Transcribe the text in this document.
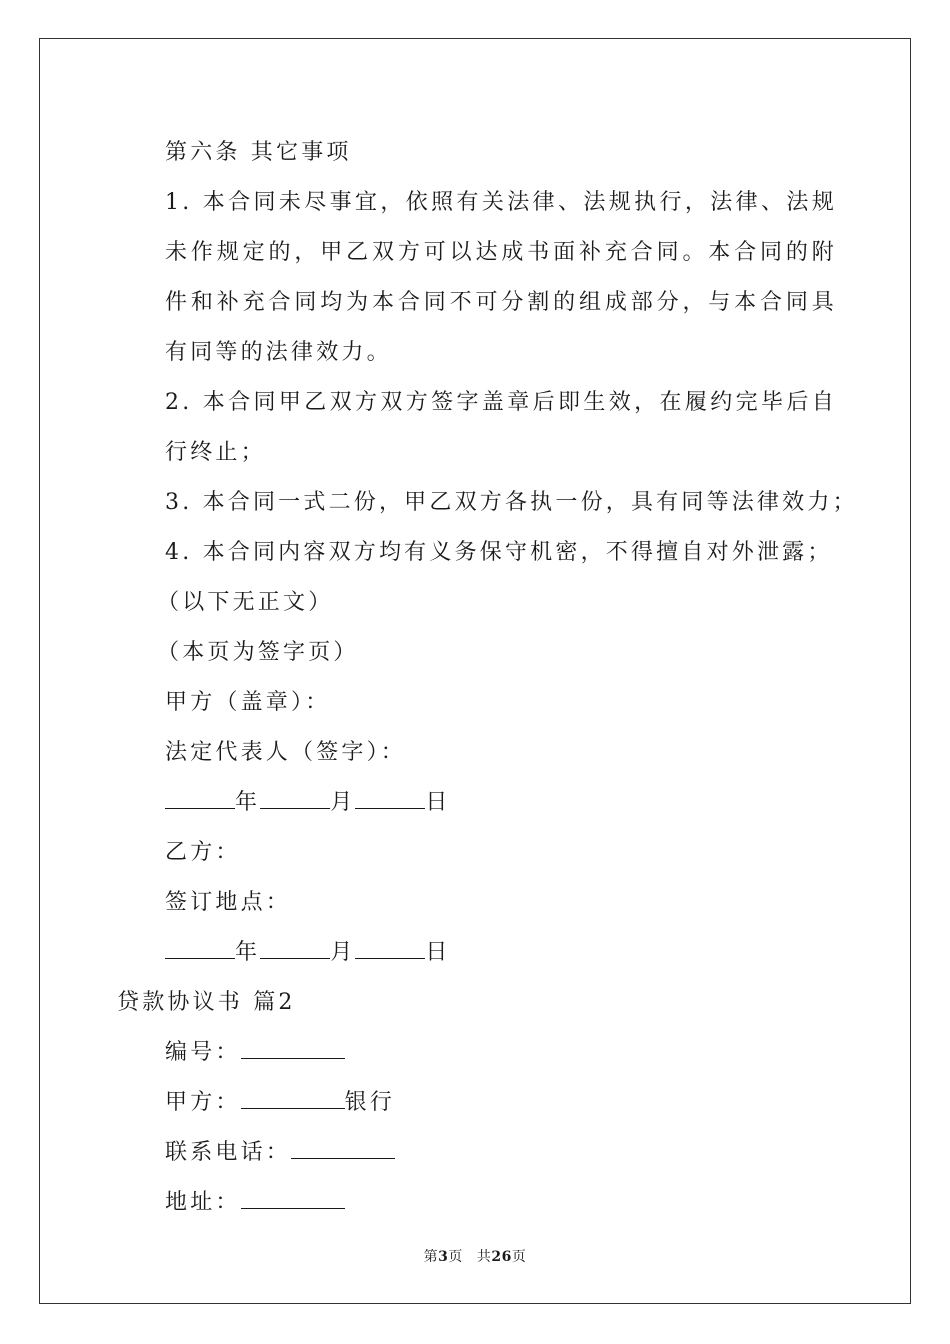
第六条 其它事项
1. 本合同未尽事宜，依照有关法律、法规执行，法律、法规未作规定的，甲乙双方可以达成书面补充合同。本合同的附件和补充合同均为本合同不可分割的组成部分，与本合同具有同等的法律效力。
2. 本合同甲乙双方双方签字盖章后即生效，在履约完毕后自行终止；
3. 本合同一式二份，甲乙双方各执一份，具有同等法律效力；
4. 本合同内容双方均有义务保守机密，不得擅自对外泄露；
（以下无正文）
（本页为签字页）
甲方（盖章）：
法定代表人（签字）：
年	月	日
乙方：
签订地点：
年	月	日
贷款协议书 篇2
编号：
甲方：	银行
联系电话：
地址：
第3页 共26页
